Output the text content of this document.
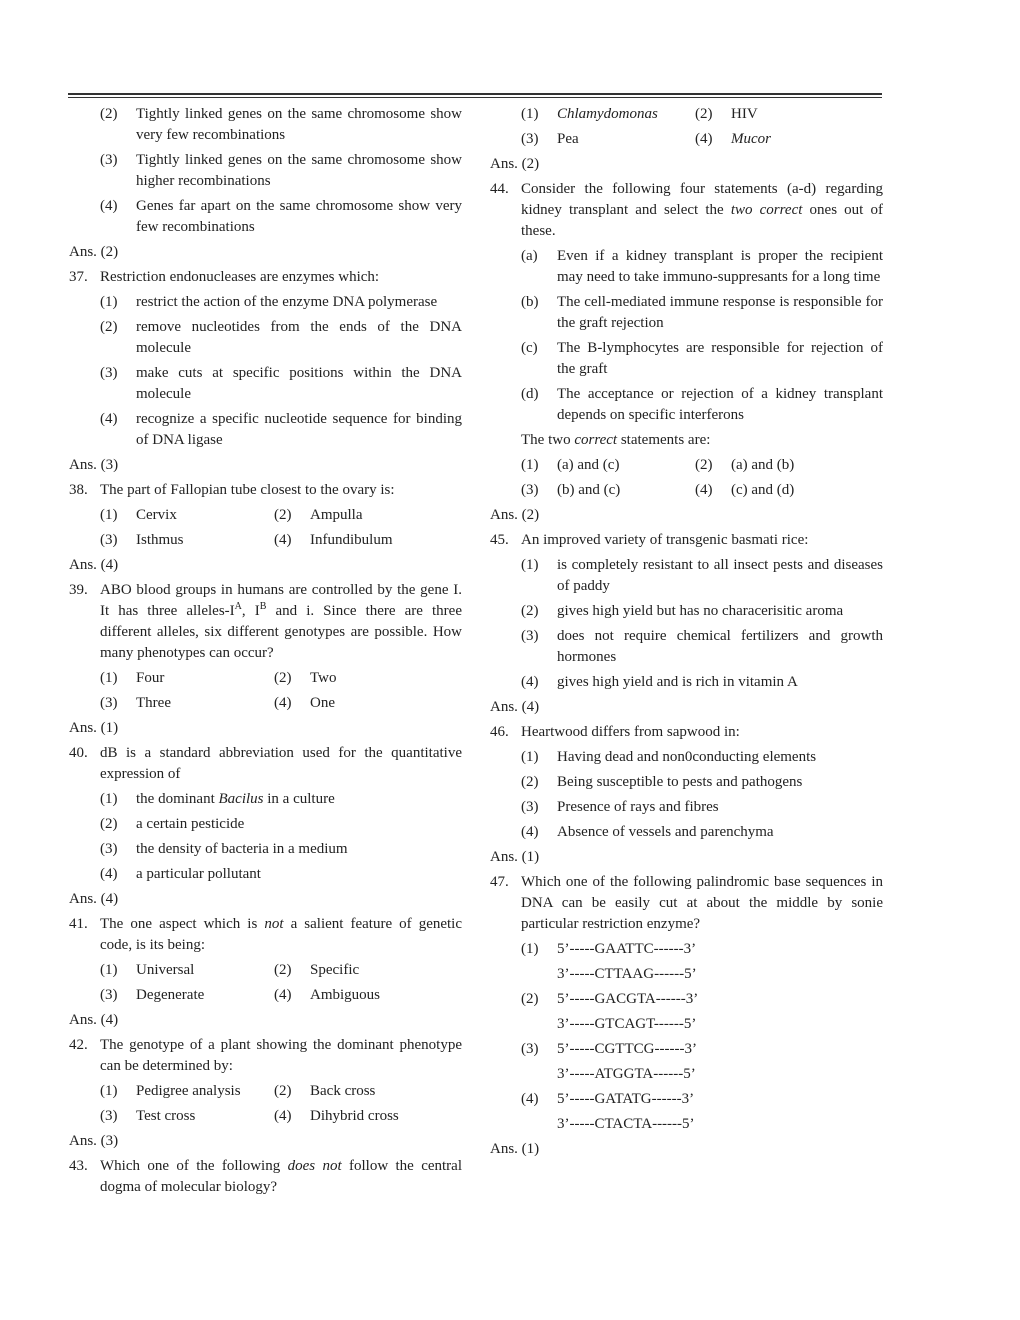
(2)	Tightly linked genes on the same chromosome show very few recombinations
(3)	Tightly linked genes on the same chromosome show higher recombinations
(4)	Genes far apart on the same chromosome show very few recombinations
Ans. (2)
37. Restriction endonucleases are enzymes which:
(1)	restrict the action of the enzyme DNA polymerase
(2)	remove nucleotides from the ends of the DNA molecule
(3)	make cuts at specific positions within the DNA molecule
(4)	recognize a specific nucleotide sequence for binding of DNA ligase
Ans. (3)
38. The part of Fallopian tube closest to the ovary is:
(1)	Cervix	(2)	Ampulla
(3)	Isthmus	(4)	Infundibulum
Ans. (4)
39. ABO blood groups in humans are controlled by the gene I. It has three alleles-$I^A$, $I^B$ and i. Since there are three different alleles, six different genotypes are possible. How many phenotypes can occur?
(1)	Four	(2)	Two
(3)	Three	(4)	One
Ans. (1)
40. dB is a standard abbreviation used for the quantitative expression of
(1)	the dominant Bacilus in a culture
(2)	a certain pesticide
(3)	the density of bacteria in a medium
(4)	a particular pollutant
Ans. (4)
41. The one aspect which is not a salient feature of genetic code, is its being:
(1)	Universal	(2)	Specific
(3)	Degenerate	(4)	Ambiguous
Ans. (4)
42. The genotype of a plant showing the dominant phenotype can be determined by:
(1)	Pedigree analysis (2)	Back cross
(3)	Test cross	(4)	Dihybrid cross
Ans. (3)
43. Which one of the following does not follow the central dogma of molecular biology?
(1)	Chlamydomonas (2)	HIV
(3)	Pea	(4)	Mucor
Ans. (2)
44. Consider the following four statements (a-d) regarding kidney transplant and select the two correct ones out of these.
(a)	Even if a kidney transplant is proper the recipient may need to take immuno-suppresants for a long time
(b)	The cell-mediated immune response is responsible for the graft rejection
(c)	The B-lymphocytes are responsible for rejection of the graft
(d)	The acceptance or rejection of a kidney transplant depends on specific interferons
The two correct statements are:
(1)	(a) and (c)	(2)	(a) and (b)
(3)	(b) and (c)	(4)	(c) and (d)
Ans. (2)
45. An improved variety of transgenic basmati rice:
(1)	is completely resistant to all insect pests and diseases of paddy
(2)	gives high yield but has no characerisitic aroma
(3)	does not require chemical fertilizers and growth hormones
(4)	gives high yield and is rich in vitamin A
Ans. (4)
46. Heartwood differs from sapwood in:
(1)	Having dead and non0conducting elements
(2)	Being susceptible to pests and pathogens
(3)	Presence of rays and fibres
(4)	Absence of vessels and parenchyma
Ans. (1)
47. Which one of the following palindromic base sequences in DNA can be easily cut at about the middle by sonie particular restriction enzyme?
(1)	5’-----GAATTC------3’
3’-----CTTAAG------5’
(2)	5’-----GACGTA------3’
3’-----GTCAGT------5’
(3)	5’-----CGTTCG------3’
3’-----ATGGTA------5’
(4)	5’-----GATATG------3’
3’-----CTACTA------5’
Ans. (1)
